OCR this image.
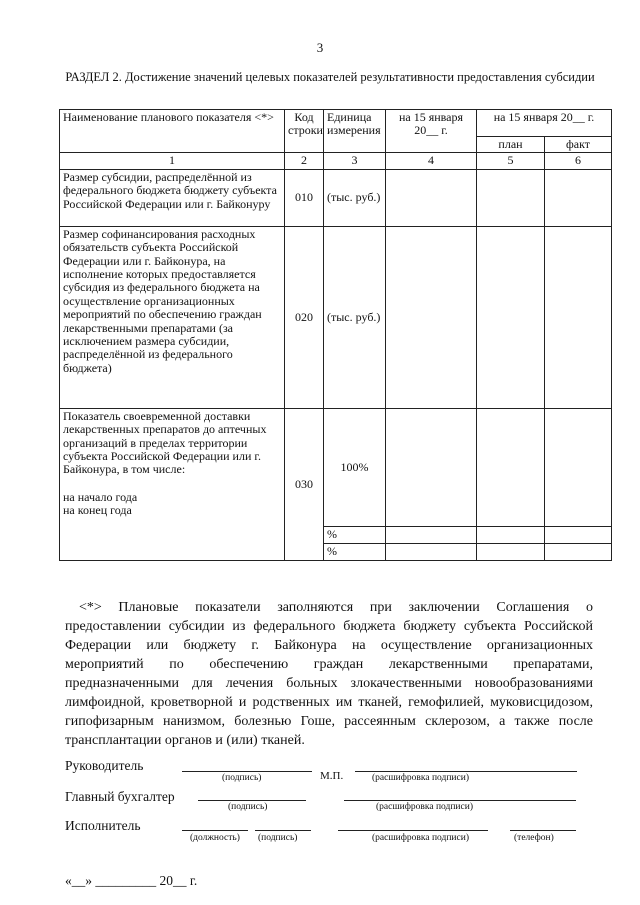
3
РАЗДЕЛ 2. Достижение значений целевых показателей результативности предоставления субсидии
Наименование планового показателя <*>	Код строки	Единица измерения	на 15 января 20__ г.	на 15 января 20__ г.	
				план	факт
1	2	3	4	5	6
Размер субсидии, распределённой из федерального бюджета бюджету субъекта Российской Федерации или г. Байконуру	010	(тыс. руб.)			
Размер софинансирования расходных обязательств субъекта Российской Федерации или г. Байконура, на исполнение которых предоставляется субсидия из федерального бюджета на осуществление организационных мероприятий по обеспечению граждан лекарственными препаратами (за исключением размера субсидии, распределённой из федерального бюджета)	020	(тыс. руб.)			

Показатель своевременной доставки лекарственных препаратов до аптечных организаций в пределах территории субъекта Российской Федерации или г. Байконура, в том числе:
на начало года
на конец года	030	100%			
		%			
		%			
<*> Плановые показатели заполняются при заключении Соглашения о предоставлении субсидии из федерального бюджета бюджету субъекта Российской Федерации или бюджету г. Байконура на осуществление организационных мероприятий по обеспечению граждан лекарственными препаратами, предназначенными для лечения больных злокачественными новообразованиями лимфоидной, кроветворной и родственных им тканей, гемофилией, муковисцидозом, гипофизарным нанизмом, болезнью Гоше, рассеянным склерозом, а также после трансплантации органов и (или) тканей.
Руководитель
(подпись)	М.П.	(расшифровка подписи)
Главный бухгалтер
(подпись)	(расшифровка подписи)
Исполнитель
(должность) (подпись)	(расшифровка подписи)	(телефон)
«__» _________ 20__ г.
